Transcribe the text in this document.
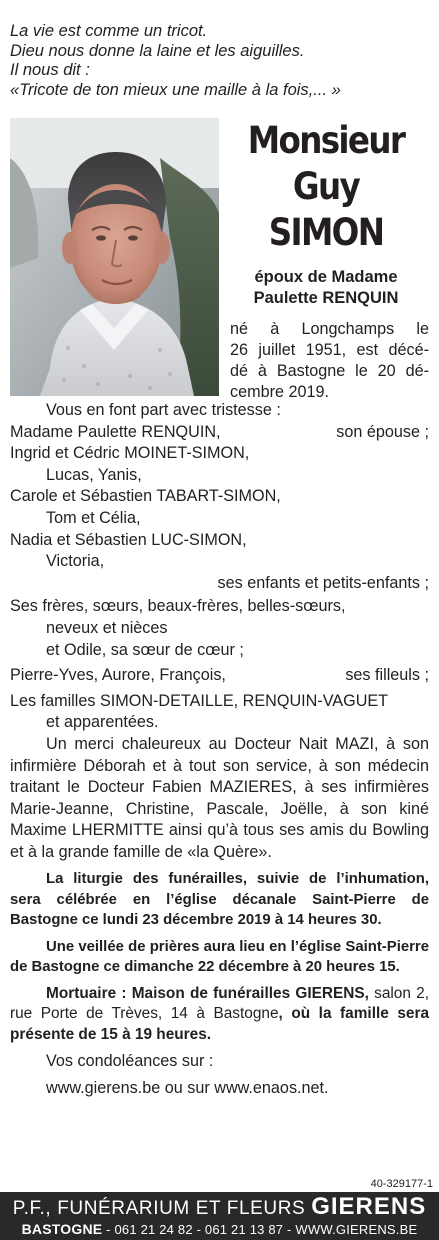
La vie est comme un tricot.
Dieu nous donne la laine et les aiguilles.
Il nous dit :
«Tricote de ton mieux une maille à la fois,... »
Monsieur
Guy
SIMON
époux de Madame
Paulette RENQUIN
né à Longchamps le
26 juillet 1951, est décé-
dé à Bastogne le 20 dé-
cembre 2019.
Vous en font part avec tristesse :
Madame Paulette RENQUIN,	son épouse ;
Ingrid et Cédric MOINET-SIMON,
Lucas, Yanis,
Carole et Sébastien TABART-SIMON,
Tom et Célia,
Nadia et Sébastien LUC-SIMON,
Victoria,
ses enfants et petits-enfants ;
Ses frères, sœurs, beaux-frères, belles-sœurs,
neveux et nièces
et Odile, sa sœur de cœur ;
Pierre-Yves, Aurore, François,	ses filleuls ;
Les familles SIMON-DETAILLE, RENQUIN-VAGUET
et apparentées.

Un merci chaleureux au Docteur Nait MAZI, à son infirmière Déborah et à tout son service, à son médecin traitant le Docteur Fabien MAZIERES, à ses infirmières Marie-Jeanne, Christine, Pascale, Joëlle, à son kiné Maxime LHERMITTE ainsi qu’à tous ses amis du Bowling et à la grande famille de «la Quère».

La liturgie des funérailles, suivie de l’inhumation, sera célébrée en l’église décanale Saint-Pierre de Bastogne ce lundi 23 décembre 2019 à 14 heures 30.

Une veillée de prières aura lieu en l’église Saint-Pierre de Bastogne ce dimanche 22 décembre à 20 heures 15.

Mortuaire : Maison de funérailles GIERENS, salon 2, rue Porte de Trèves, 14 à Bastogne, où la famille sera présente de 15 à 19 heures.

Vos condoléances sur :
www.gierens.be ou sur www.enaos.net.
40-329177-1
P.F., FUNÉRARIUM ET FLEURS GIERENS
BASTOGNE - 061 21 24 82 - 061 21 13 87 - WWW.GIERENS.BE
